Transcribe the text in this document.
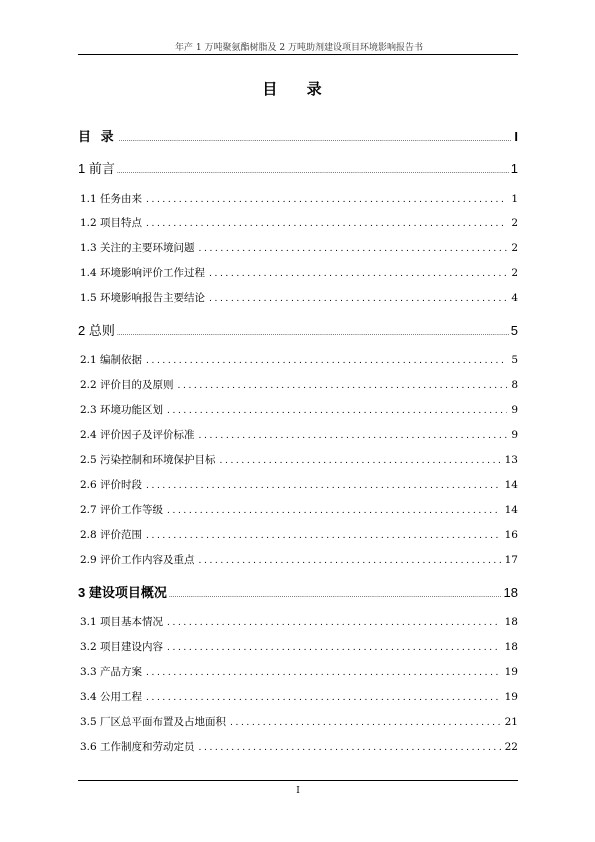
年产 1 万吨聚氨酯树脂及 2 万吨助剂建设项目环境影响报告书
目 录
目 录 .....	I
1 前言 .....	1
1.1 任务由来 .....	1
1.2 项目特点 .....	2
1.3 关注的主要环境问题 .....	2
1.4 环境影响评价工作过程 .....	2
1.5 环境影响报告主要结论 .....	4
2 总则 .....	5
2.1 编制依据 .....	5
2.2 评价目的及原则 .....	8
2.3 环境功能区划 .....	9
2.4 评价因子及评价标准 .....	9
2.5 污染控制和环境保护目标 .....	13
2.6 评价时段 .....	14
2.7 评价工作等级 .....	14
2.8 评价范围 .....	16
2.9 评价工作内容及重点 .....	17
3 建设项目概况 .....	18
3.1 项目基本情况 .....	18
3.2 项目建设内容 .....	18
3.3 产品方案 .....	19
3.4 公用工程 .....	19
3.5 厂区总平面布置及占地面积 .....	21
3.6 工作制度和劳动定员 .....	22
I
